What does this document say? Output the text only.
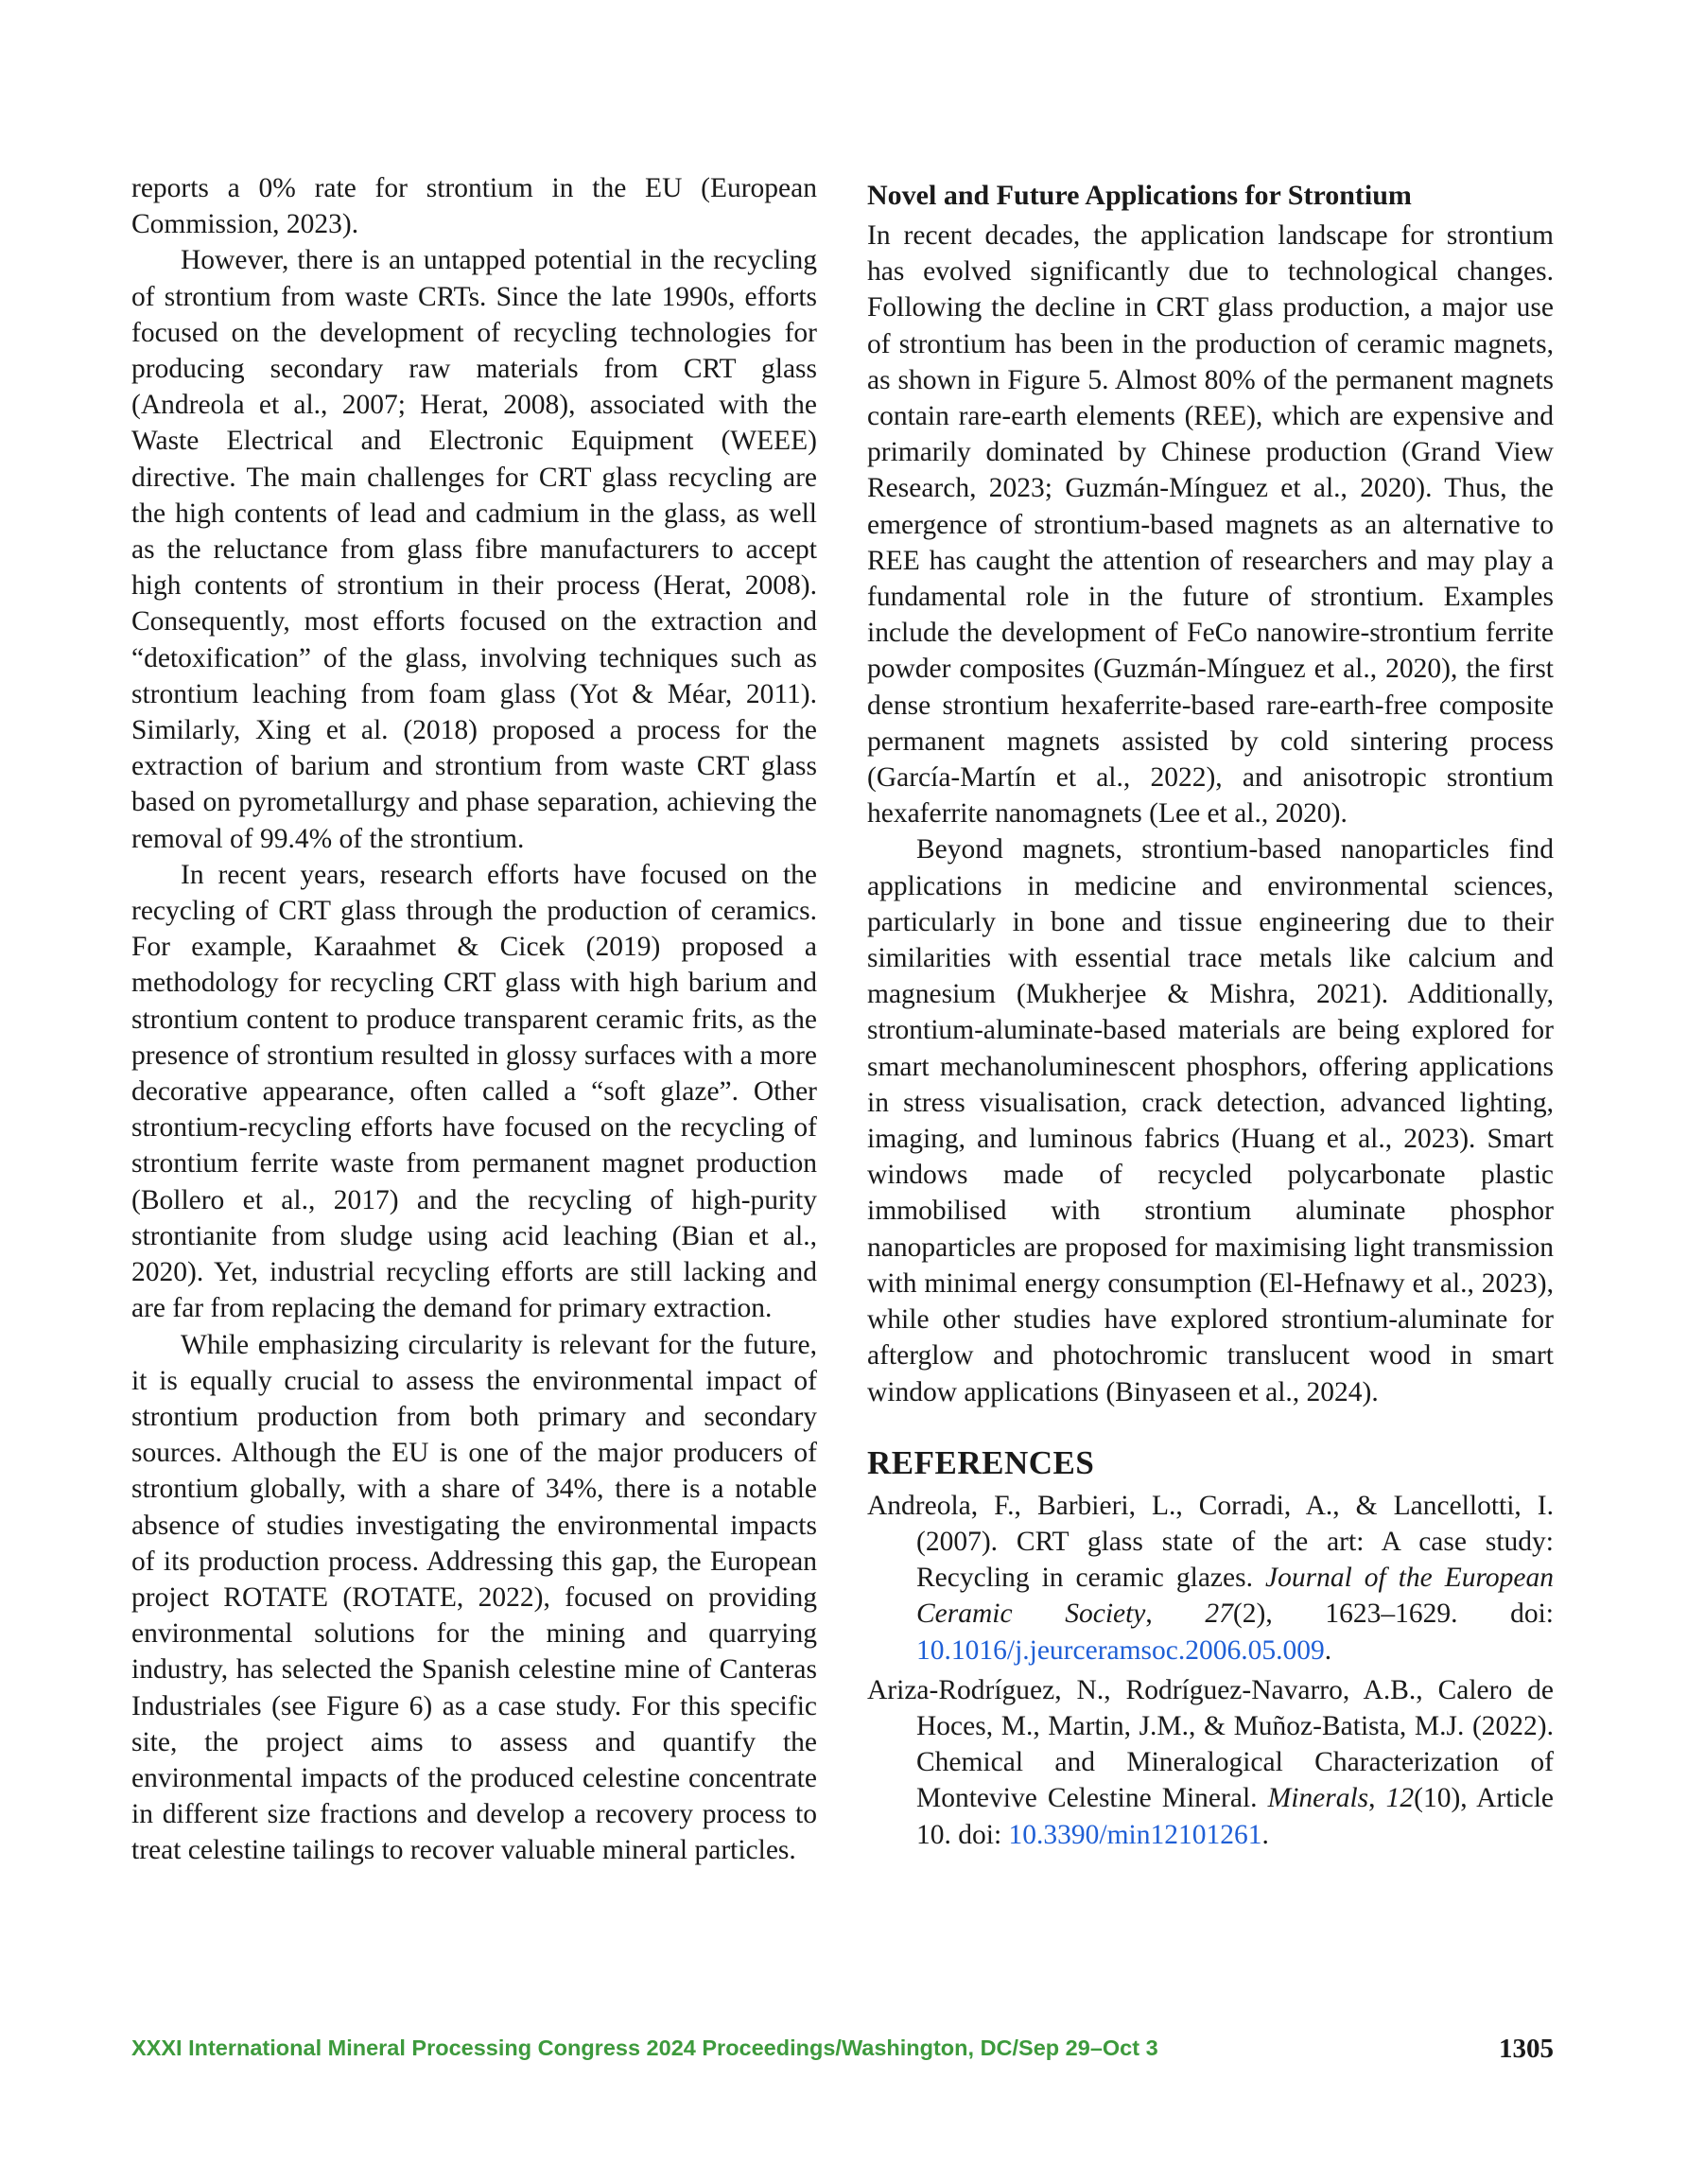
reports a 0% rate for strontium in the EU (European Commission, 2023).

However, there is an untapped potential in the recycling of strontium from waste CRTs. Since the late 1990s, efforts focused on the development of recycling technologies for producing secondary raw materials from CRT glass (Andreola et al., 2007; Herat, 2008), associated with the Waste Electrical and Electronic Equipment (WEEE) directive. The main challenges for CRT glass recycling are the high contents of lead and cadmium in the glass, as well as the reluctance from glass fibre manufacturers to accept high contents of strontium in their process (Herat, 2008). Consequently, most efforts focused on the extraction and “detoxification” of the glass, involving techniques such as strontium leaching from foam glass (Yot & Méar, 2011). Similarly, Xing et al. (2018) proposed a process for the extraction of barium and strontium from waste CRT glass based on pyrometallurgy and phase separation, achieving the removal of 99.4% of the strontium.

In recent years, research efforts have focused on the recycling of CRT glass through the production of ceramics. For example, Karaahmet & Cicek (2019) proposed a methodology for recycling CRT glass with high barium and strontium content to produce transparent ceramic frits, as the presence of strontium resulted in glossy surfaces with a more decorative appearance, often called a “soft glaze”. Other strontium-recycling efforts have focused on the recycling of strontium ferrite waste from permanent magnet production (Bollero et al., 2017) and the recycling of high-purity strontianite from sludge using acid leaching (Bian et al., 2020). Yet, industrial recycling efforts are still lacking and are far from replacing the demand for primary extraction.

While emphasizing circularity is relevant for the future, it is equally crucial to assess the environmental impact of strontium production from both primary and secondary sources. Although the EU is one of the major producers of strontium globally, with a share of 34%, there is a notable absence of studies investigating the environmental impacts of its production process. Addressing this gap, the European project ROTATE (ROTATE, 2022), focused on providing environmental solutions for the mining and quarrying industry, has selected the Spanish celestine mine of Canteras Industriales (see Figure 6) as a case study. For this specific site, the project aims to assess and quantify the environmental impacts of the produced celestine concentrate in different size fractions and develop a recovery process to treat celestine tailings to recover valuable mineral particles.

Novel and Future Applications for Strontium

In recent decades, the application landscape for strontium has evolved significantly due to technological changes. Following the decline in CRT glass production, a major use of strontium has been in the production of ceramic magnets, as shown in Figure 5. Almost 80% of the permanent magnets contain rare-earth elements (REE), which are expensive and primarily dominated by Chinese production (Grand View Research, 2023; Guzmán-Mínguez et al., 2020). Thus, the emergence of strontium-based magnets as an alternative to REE has caught the attention of researchers and may play a fundamental role in the future of strontium. Examples include the development of FeCo nanowire-strontium ferrite powder composites (Guzmán-Mínguez et al., 2020), the first dense strontium hexaferrite-based rare-earth-free composite permanent magnets assisted by cold sintering process (García-Martín et al., 2022), and anisotropic strontium hexaferrite nanomagnets (Lee et al., 2020).

Beyond magnets, strontium-based nanoparticles find applications in medicine and environmental sciences, particularly in bone and tissue engineering due to their similarities with essential trace metals like calcium and magnesium (Mukherjee & Mishra, 2021). Additionally, strontium-aluminate-based materials are being explored for smart mechanoluminescent phosphors, offering applications in stress visualisation, crack detection, advanced lighting, imaging, and luminous fabrics (Huang et al., 2023). Smart windows made of recycled polycarbonate plastic immobilised with strontium aluminate phosphor nanoparticles are proposed for maximising light transmission with minimal energy consumption (El-Hefnawy et al., 2023), while other studies have explored strontium-aluminate for afterglow and photochromic translucent wood in smart window applications (Binyaseen et al., 2024).

REFERENCES

Andreola, F., Barbieri, L., Corradi, A., & Lancellotti, I. (2007). CRT glass state of the art: A case study: Recycling in ceramic glazes. Journal of the European Ceramic Society, 27(2), 1623–1629. doi: 10.1016/j.jeurceramsoc.2006.05.009.

Ariza-Rodríguez, N., Rodríguez-Navarro, A.B., Calero de Hoces, M., Martin, J.M., & Muñoz-Batista, M.J. (2022). Chemical and Mineralogical Characterization of Montevive Celestine Mineral. Minerals, 12(10), Article 10. doi: 10.3390/min12101261.

XXXI International Mineral Processing Congress 2024 Proceedings/Washington, DC/Sep 29–Oct 3	1305
